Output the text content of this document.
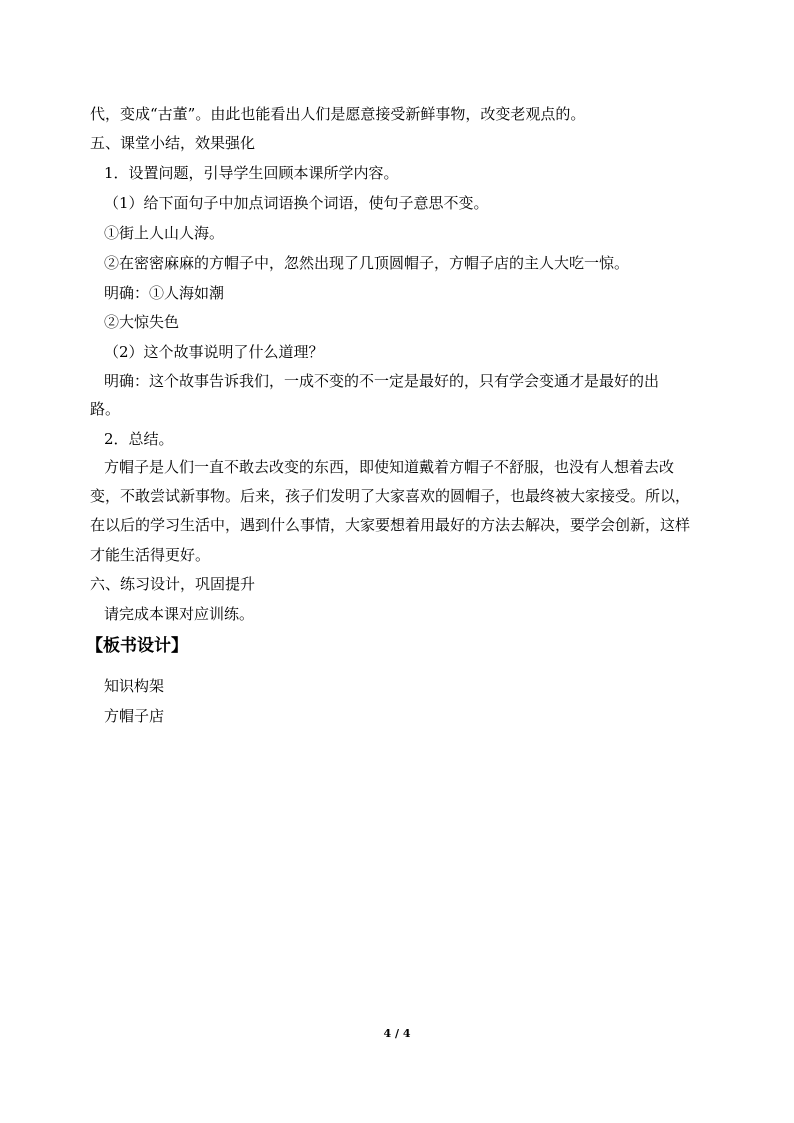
代，变成“古董”。由此也能看出人们是愿意接受新鲜事物，改变老观点的。
五、课堂小结，效果强化
1．设置问题，引导学生回顾本课所学内容。
（1）给下面句子中加点词语换个词语，使句子意思不变。
①街上人山人海。
②在密密麻麻的方帽子中，忽然出现了几顶圆帽子，方帽子店的主人大吃一惊。
明确：①人海如潮
②大惊失色
（2）这个故事说明了什么道理？
明确：这个故事告诉我们，一成不变的不一定是最好的，只有学会变通才是最好的出
路。
2．总结。
方帽子是人们一直不敢去改变的东西，即使知道戴着方帽子不舒服，也没有人想着去改
变，不敢尝试新事物。后来，孩子们发明了大家喜欢的圆帽子，也最终被大家接受。所以，
在以后的学习生活中，遇到什么事情，大家要想着用最好的方法去解决，要学会创新，这样
才能生活得更好。
六、练习设计，巩固提升
请完成本课对应训练。
【板书设计】
知识构架
方帽子店
4 / 4
